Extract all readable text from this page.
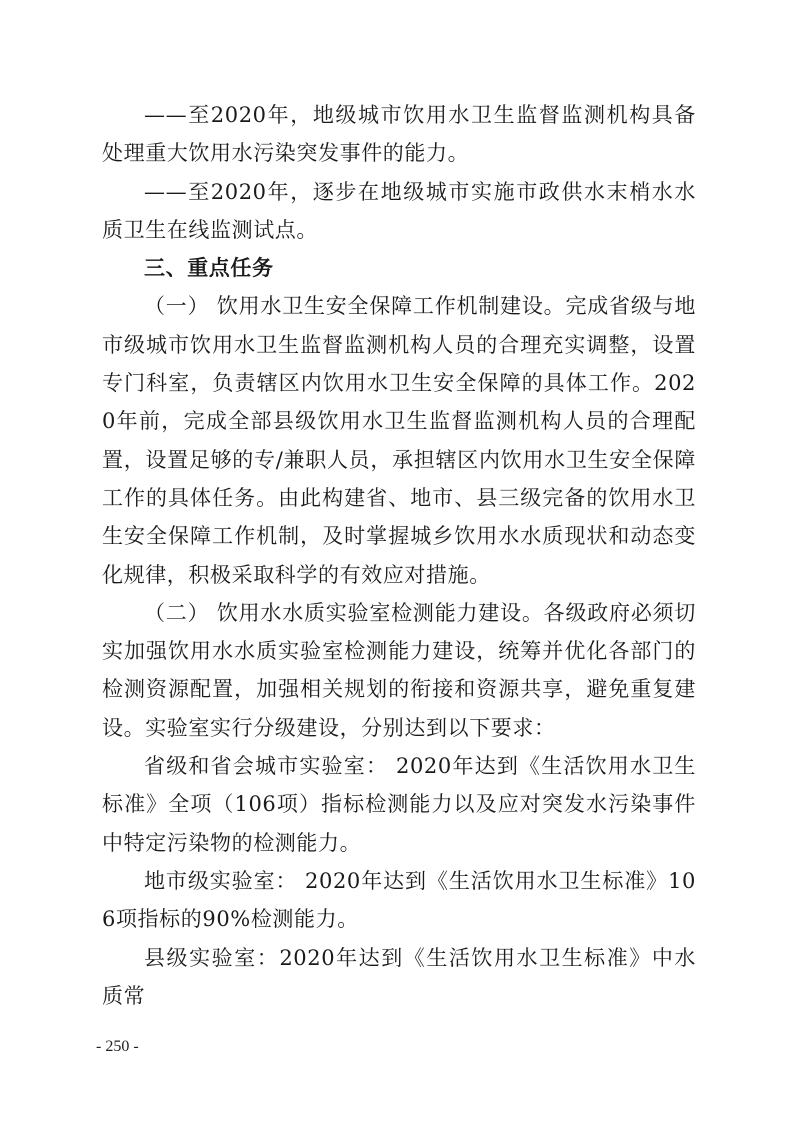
——至2020年，地级城市饮用水卫生监督监测机构具备处理重大饮用水污染突发事件的能力。

——至2020年，逐步在地级城市实施市政供水末梢水水质卫生在线监测试点。

三、重点任务

（一） 饮用水卫生安全保障工作机制建设。完成省级与地市级城市饮用水卫生监督监测机构人员的合理充实调整，设置专门科室，负责辖区内饮用水卫生安全保障的具体工作。2020年前，完成全部县级饮用水卫生监督监测机构人员的合理配置，设置足够的专/兼职人员，承担辖区内饮用水卫生安全保障工作的具体任务。由此构建省、地市、县三级完备的饮用水卫生安全保障工作机制，及时掌握城乡饮用水水质现状和动态变化规律，积极采取科学的有效应对措施。

（二） 饮用水水质实验室检测能力建设。各级政府必须切实加强饮用水水质实验室检测能力建设，统筹并优化各部门的检测资源配置，加强相关规划的衔接和资源共享，避免重复建设。实验室实行分级建设，分别达到以下要求：

省级和省会城市实验室： 2020年达到《生活饮用水卫生标准》全项（106项）指标检测能力以及应对突发水污染事件中特定污染物的检测能力。

地市级实验室： 2020年达到《生活饮用水卫生标准》106项指标的90%检测能力。

县级实验室：2020年达到《生活饮用水卫生标准》中水质常

- 250 -
